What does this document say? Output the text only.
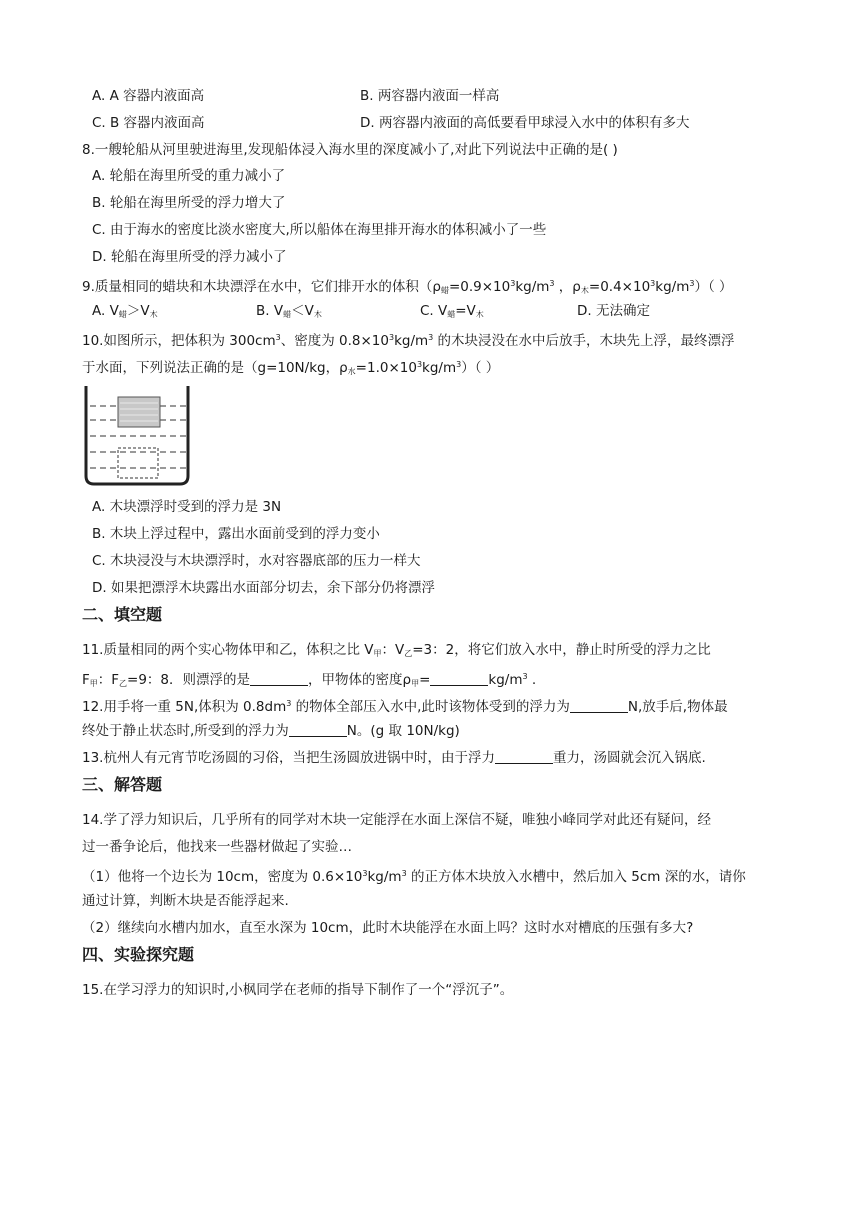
A. A 容器内液面高	B. 两容器内液面一样高
C. B 容器内液面高	D. 两容器内液面的高低要看甲球浸入水中的体积有多大
8.一艘轮船从河里驶进海里,发现船体浸入海水里的深度减小了,对此下列说法中正确的是( )
A. 轮船在海里所受的重力减小了
B. 轮船在海里所受的浮力增大了
C. 由于海水的密度比淡水密度大,所以船体在海里排开海水的体积减小了一些
D. 轮船在海里所受的浮力减小了
9.质量相同的蜡块和木块漂浮在水中，它们排开水的体积（$\rho_蜡=0.9\times 10^3kg/m^3$ ，$\rho_木=0.4\times 10^3kg/m^3$）（ ）
A. $V_蜡>V_木$	B. $V_蜡<V_木$	C. $V_蜡=V_木$	D. 无法确定
10.如图所示，把体积为 $300cm^3$、密度为 $0.8\times 10^3kg/m^3$ 的木块浸没在水中后放手，木块先上浮，最终漂浮
于水面，下列说法正确的是（g=10N/kg，$\rho_水=1.0\times 10^3kg/m^3$）（ ）
A. 木块漂浮时受到的浮力是 3N
B. 木块上浮过程中，露出水面前受到的浮力变小
C. 木块浸没与木块漂浮时，水对容器底部的压力一样大
D. 如果把漂浮木块露出水面部分切去，余下部分仍将漂浮
二、填空题
11.质量相同的两个实心物体甲和乙，体积之比 $V_甲$：$V_乙=3$：2，将它们放入水中，静止时所受的浮力之比
$F_甲$：$F_乙=9$：8．则漂浮的是	，甲物体的密度$\rho_甲=$	$kg/m^3$ .
12.用手将一重 5N,体积为 $0.8dm^3$ 的物体全部压入水中,此时该物体受到的浮力为	N,放手后,物体最
终处于静止状态时,所受到的浮力为	N。(g 取 10N/kg)
13.杭州人有元宵节吃汤圆的习俗，当把生汤圆放进锅中时，由于浮力	重力，汤圆就会沉入锅底.
三、解答题
14.学了浮力知识后，几乎所有的同学对木块一定能浮在水面上深信不疑，唯独小峰同学对此还有疑问，经
过一番争论后，他找来一些器材做起了实验…
（1）他将一个边长为 10cm，密度为 $0.6\times 10^3kg/m^3$ 的正方体木块放入水槽中，然后加入 5cm 深的水，请你
通过计算，判断木块是否能浮起来.
（2）继续向水槽内加水，直至水深为 10cm，此时木块能浮在水面上吗？这时水对槽底的压强有多大?
四、实验探究题
15.在学习浮力的知识时,小枫同学在老师的指导下制作了一个“浮沉子”。
